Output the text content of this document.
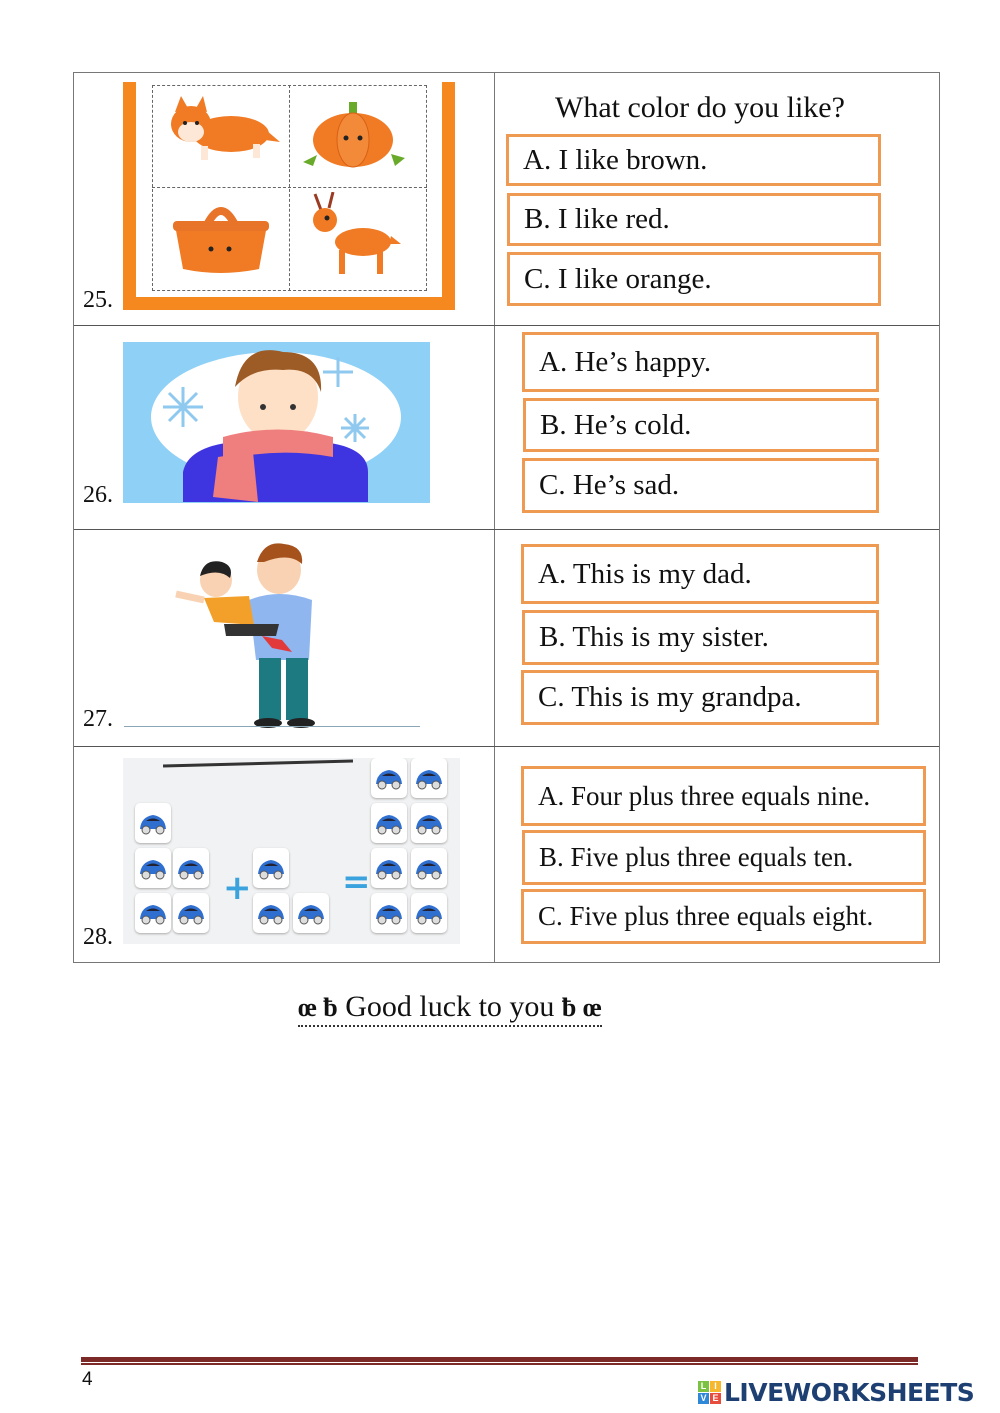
25.
What color do you like?
A. I like brown.
B. I like red.
C. I like orange.
26.
A. He’s happy.
B. He’s cold.
C. He’s sad.
27.
A. This is my dad.
B. This is my sister.
C. This is my grandpa.
+	=
28.
A. Four plus three equals nine.
B. Five plus three equals ten.
C. Five plus three equals eight.
œ ƀ Good luck to you ƀ œ
4	L I
V E LIVEWORKSHEETS
